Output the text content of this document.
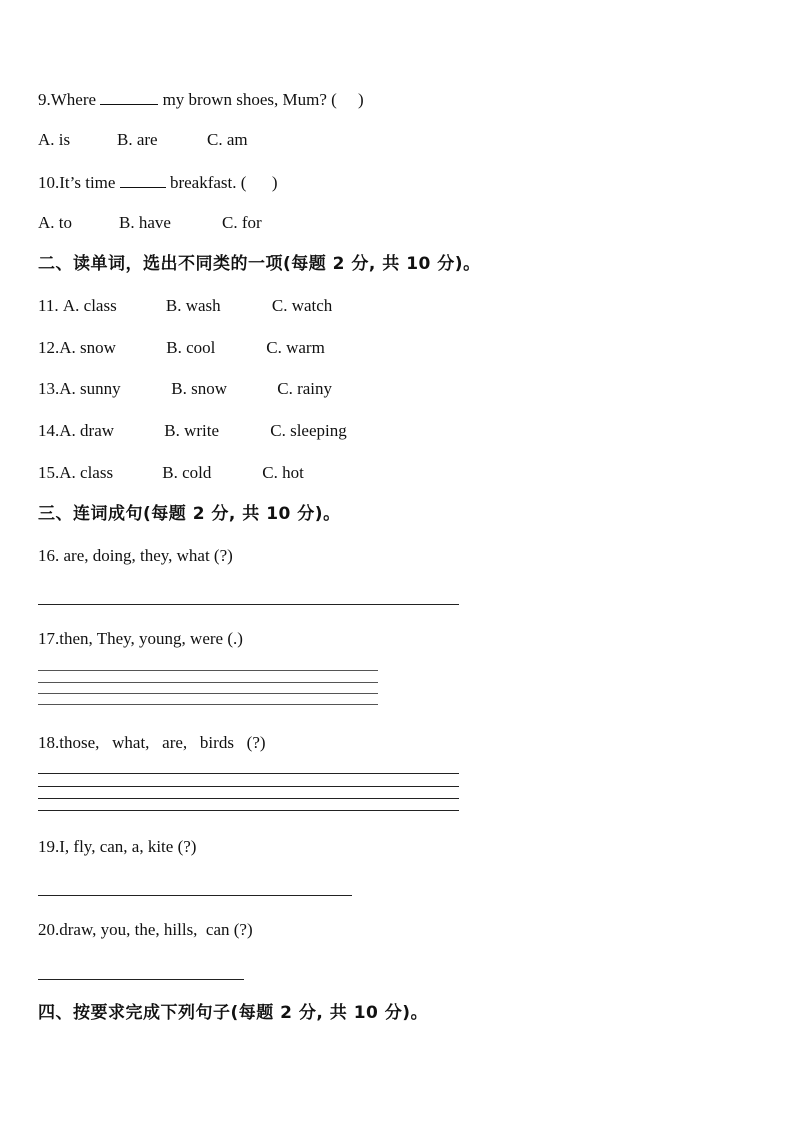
9.Where	my brown shoes, Mum? (     )
A. is	B. are	C. am
10.It’s time	breakfast. (      )
A. to	B. have	C. for
二、读单词，选出不同类的一项(每题 2 分, 共 10 分)。
11. A. class	B. wash	C. watch
12.A. snow	B. cool	C. warm
13.A. sunny	B. snow	C. rainy
14.A. draw	B. write	C. sleeping
15.A. class	B. cold	C. hot
三、连词成句(每题 2 分, 共 10 分)。
16. are, doing, they, what (?)
17.then, They, young, were (.)
18.those,   what,   are,   birds   (?)
19.I, fly, can, a, kite (?)
20.draw, you, the, hills,  can (?)
四、按要求完成下列句子(每题 2 分, 共 10 分)。
